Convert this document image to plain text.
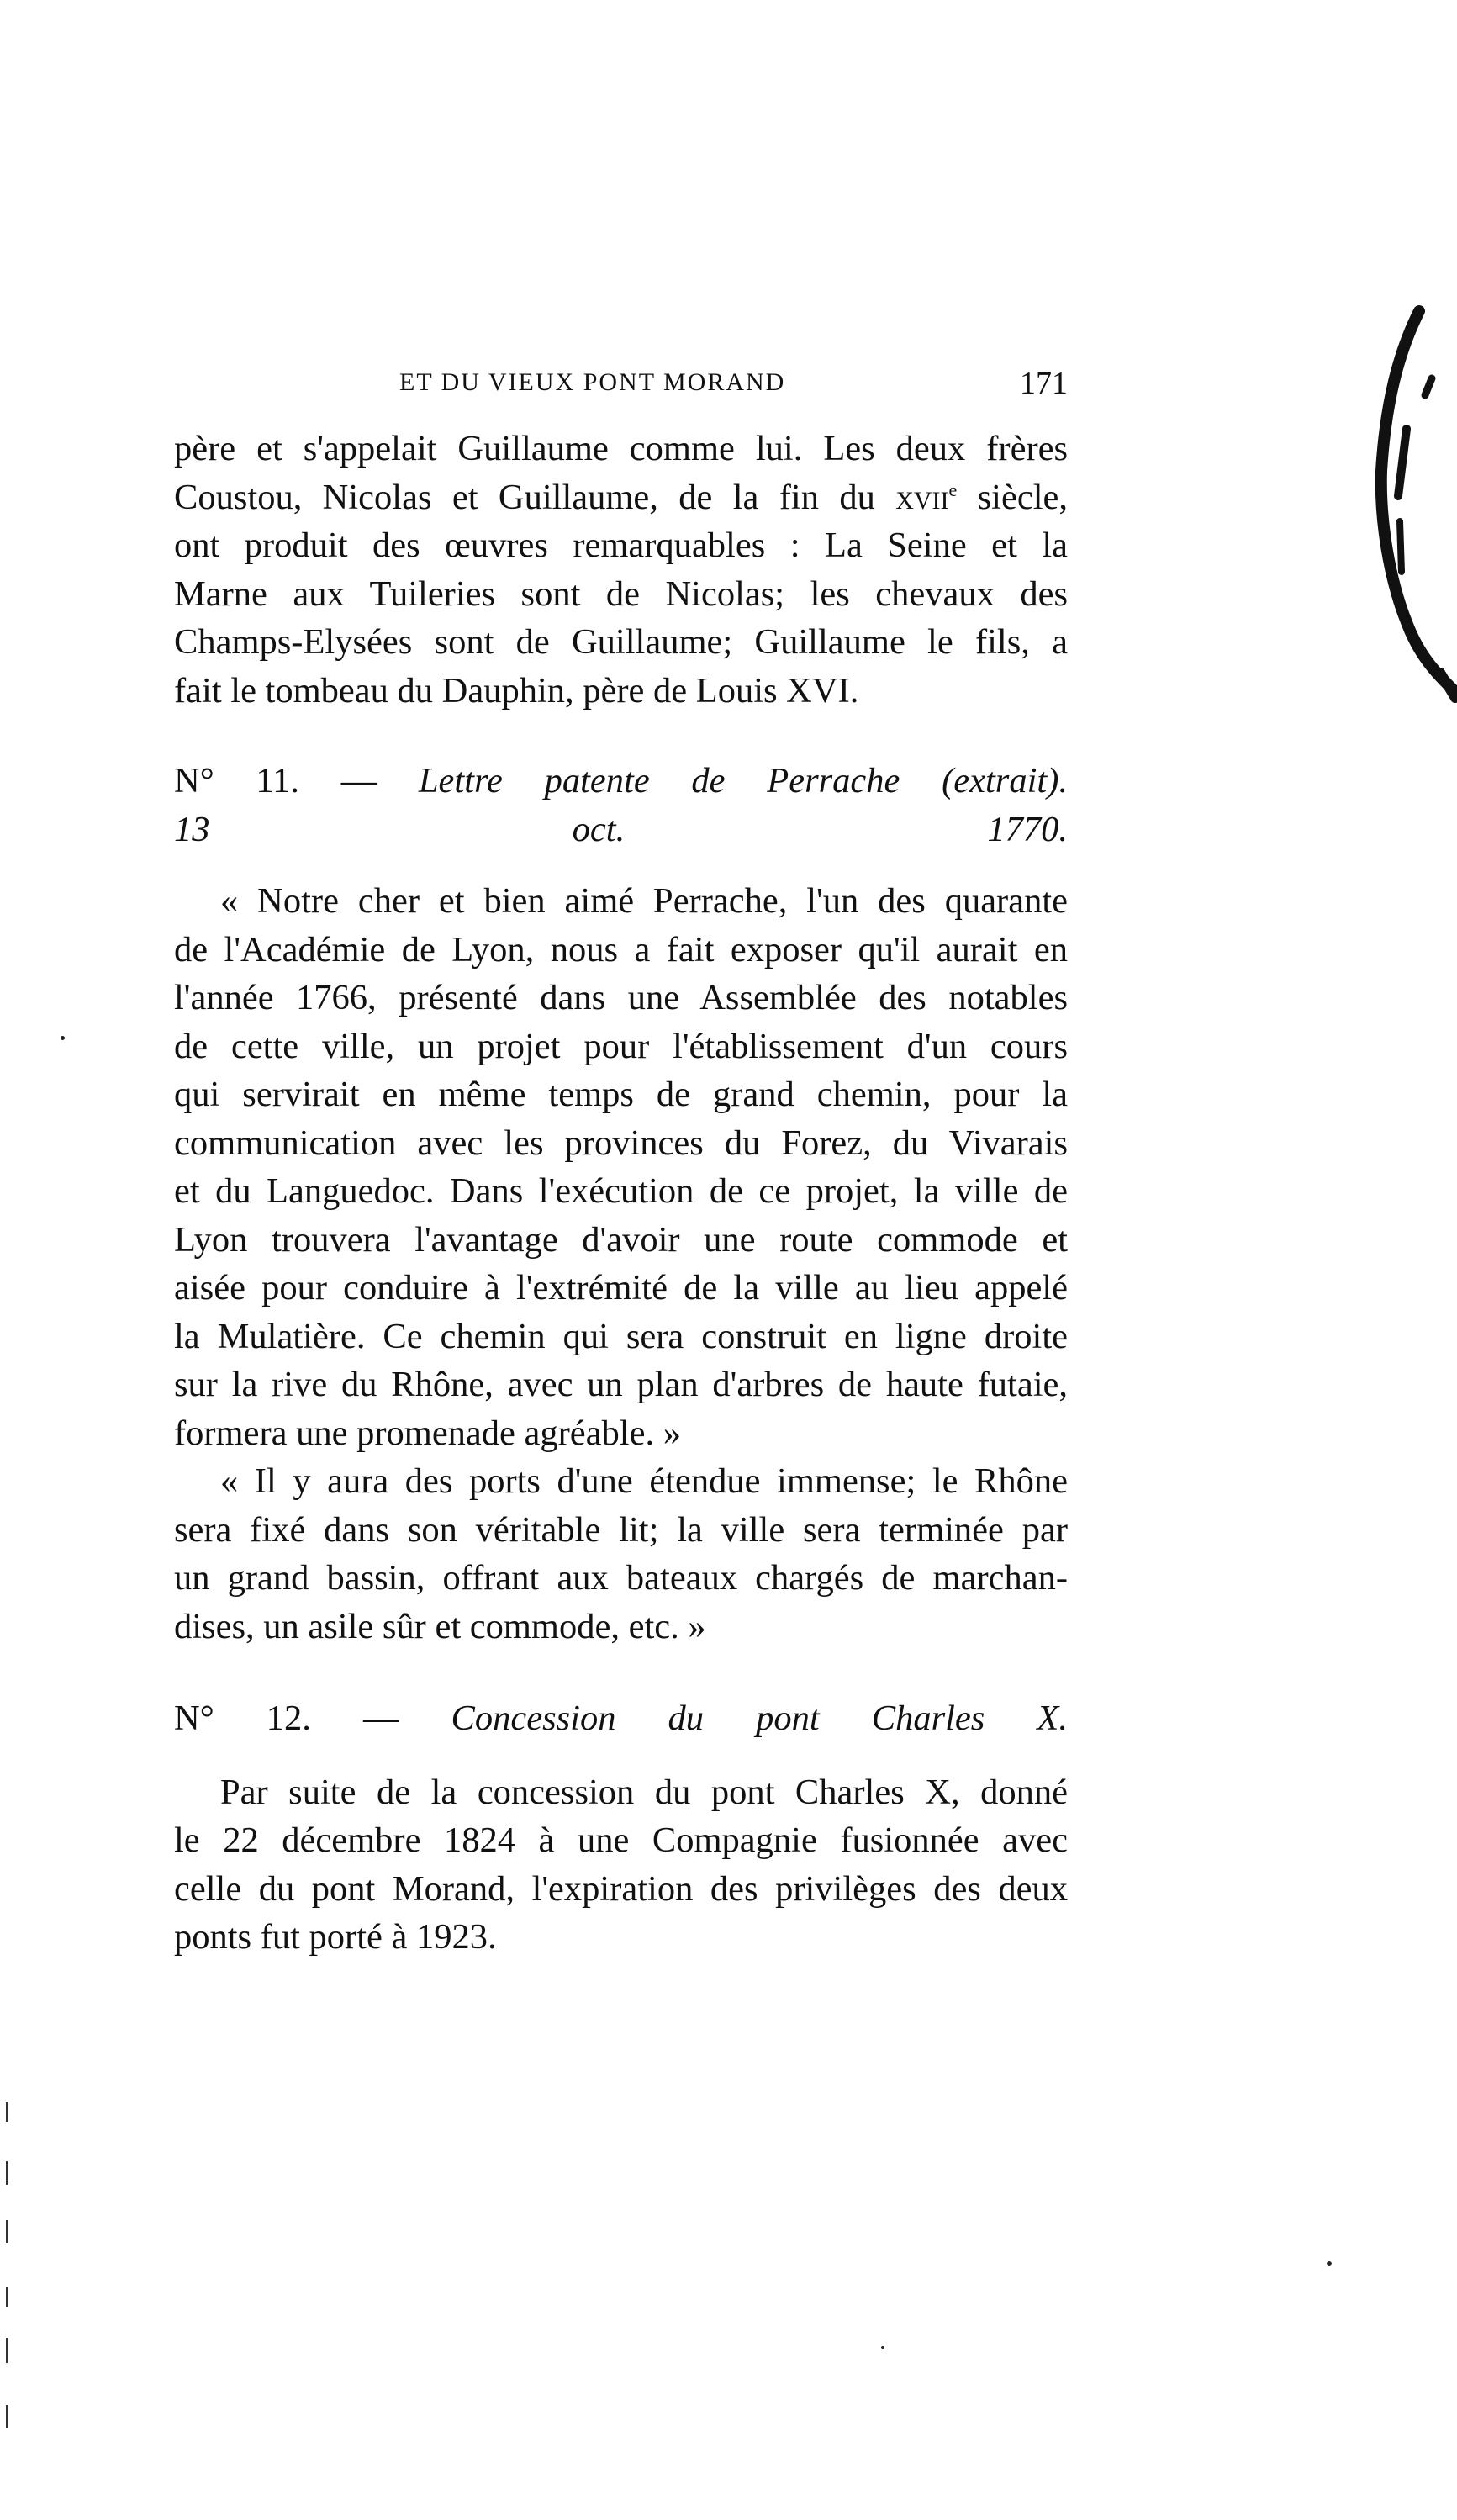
ET DU VIEUX PONT MORAND	171

père et s'appelait Guillaume comme lui. Les deux frères

Coustou, Nicolas et Guillaume, de la fin du xvii$^e$ siècle,

ont produit des œuvres remarquables : La Seine et la

Marne aux Tuileries sont de Nicolas; les chevaux des

Champs-Elysées sont de Guillaume; Guillaume le fils, a

fait le tombeau du Dauphin, père de Louis XVI.

N° 11. — Lettre patente de Perrache (extrait).

13 oct. 1770.

« Notre cher et bien aimé Perrache, l'un des quarante

de l'Académie de Lyon, nous a fait exposer qu'il aurait en

l'année 1766, présenté dans une Assemblée des notables

de cette ville, un projet pour l'établissement d'un cours

qui servirait en même temps de grand chemin, pour la

communication avec les provinces du Forez, du Vivarais

et du Languedoc. Dans l'exécution de ce projet, la ville de

Lyon trouvera l'avantage d'avoir une route commode et

aisée pour conduire à l'extrémité de la ville au lieu appelé

la Mulatière. Ce chemin qui sera construit en ligne droite

sur la rive du Rhône, avec un plan d'arbres de haute futaie,

formera une promenade agréable. »

« Il y aura des ports d'une étendue immense; le Rhône

sera fixé dans son véritable lit; la ville sera terminée par

un grand bassin, offrant aux bateaux chargés de marchan-

dises, un asile sûr et commode, etc. »

N° 12. — Concession du pont Charles X.

Par suite de la concession du pont Charles X, donné

le 22 décembre 1824 à une Compagnie fusionnée avec

celle du pont Morand, l'expiration des privilèges des deux

ponts fut porté à 1923.
